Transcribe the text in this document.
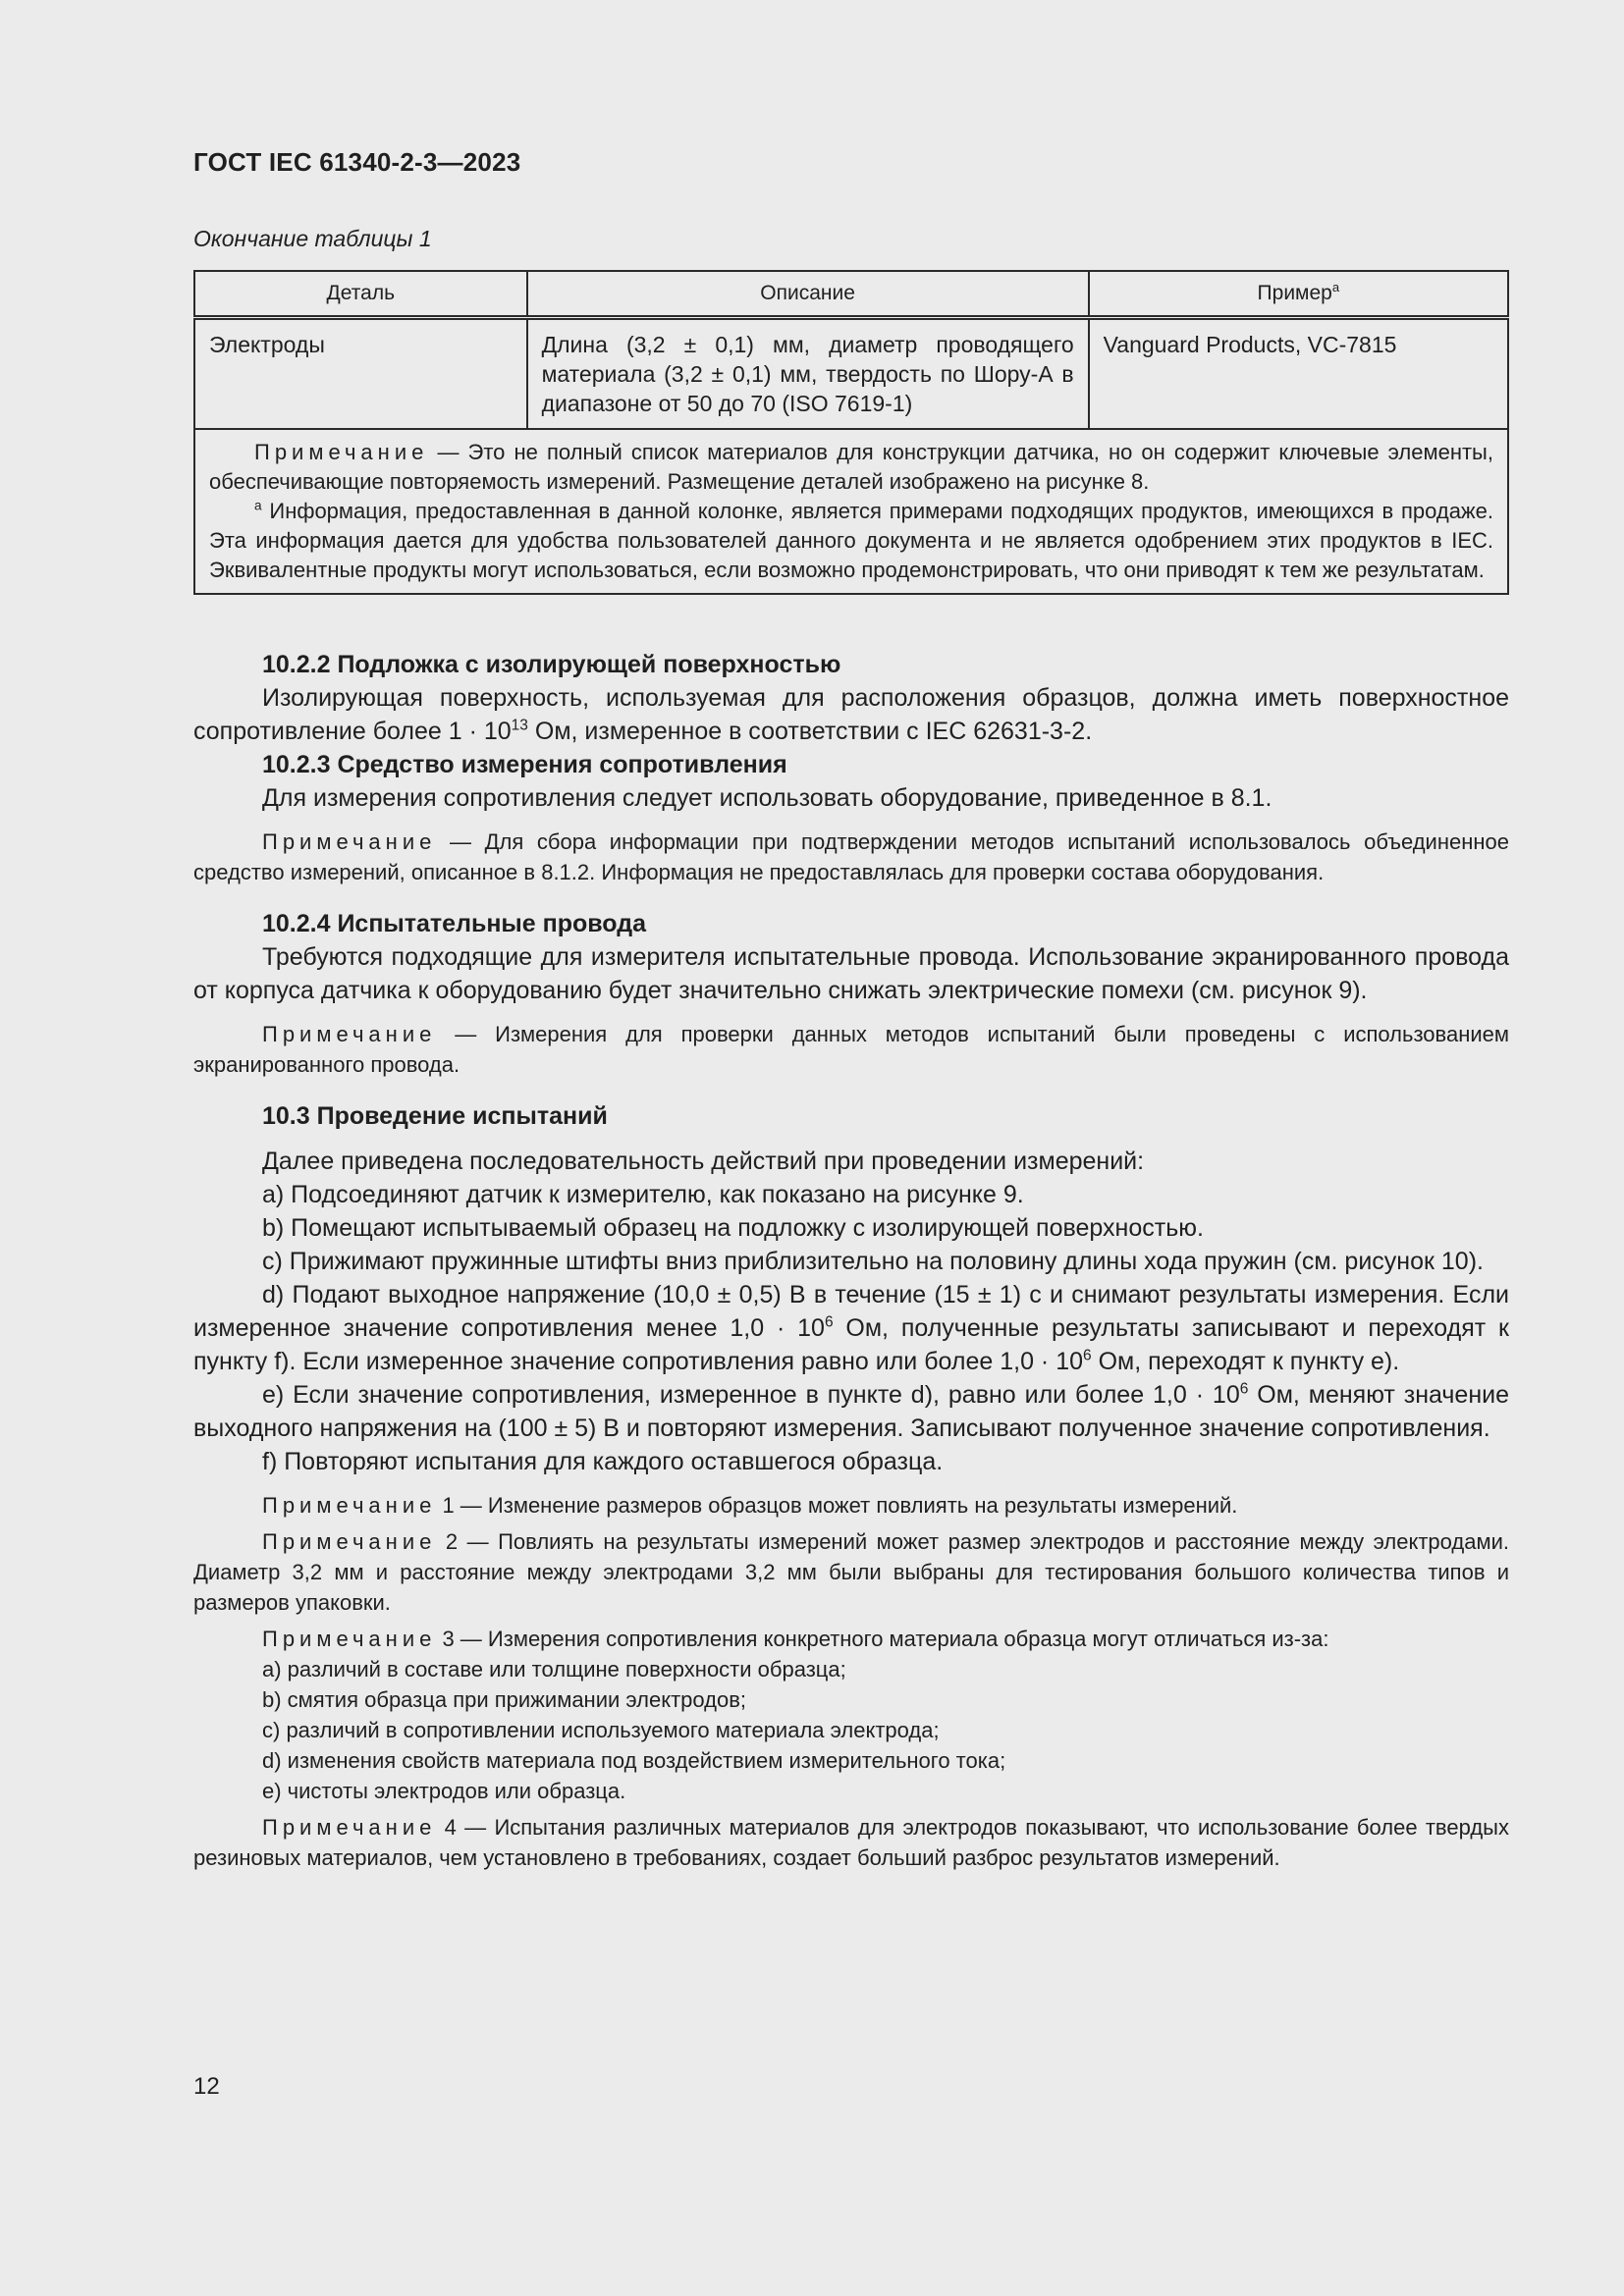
ГОСТ IEC 61340-2-3—2023
Окончание таблицы 1
Деталь	Описание	Пример$^a$
Электроды	Длина (3,2 ± 0,1) мм, диаметр проводящего материала (3,2 ± 0,1) мм, твердость по Шору-А в диапазоне от 50 до 70 (ISO 7619-1)	Vanguard Products, VC-7815

Примечание — Это не полный список материалов для конструкции датчика, но он содержит ключевые элементы, обеспечивающие повторяемость измерений. Размещение деталей изображено на рисунке 8.

$^a$ Информация, предоставленная в данной колонке, является примерами подходящих продуктов, имеющихся в продаже. Эта информация дается для удобства пользователей данного документа и не является одобрением этих продуктов в IEC. Эквивалентные продукты могут использоваться, если возможно продемонстрировать, что они приводят к тем же результатам.		

10.2.2 Подложка с изолирующей поверхностью

Изолирующая поверхность, используемая для расположения образцов, должна иметь поверхностное сопротивление более $1 \cdot 10^{13}$ Ом, измеренное в соответствии с IEC 62631-3-2.

10.2.3 Средство измерения сопротивления

Для измерения сопротивления следует использовать оборудование, приведенное в 8.1.

Примечание — Для сбора информации при подтверждении методов испытаний использовалось объединенное средство измерений, описанное в 8.1.2. Информация не предоставлялась для проверки состава оборудования.

10.2.4 Испытательные провода

Требуются подходящие для измерителя испытательные провода. Использование экранированного провода от корпуса датчика к оборудованию будет значительно снижать электрические помехи (см. рисунок 9).

Примечание — Измерения для проверки данных методов испытаний были проведены с использованием экранированного провода.

10.3 Проведение испытаний

Далее приведена последовательность действий при проведении измерений:

a) Подсоединяют датчик к измерителю, как показано на рисунке 9.

b) Помещают испытываемый образец на подложку с изолирующей поверхностью.

c) Прижимают пружинные штифты вниз приблизительно на половину длины хода пружин (см. рисунок 10).

d) Подают выходное напряжение (10,0 ± 0,5) В в течение (15 ± 1) с и снимают результаты измерения. Если измеренное значение сопротивления менее $1,0 \cdot 10^6$ Ом, полученные результаты записывают и переходят к пункту f). Если измеренное значение сопротивления равно или более $1,0 \cdot 10^6$ Ом, переходят к пункту е).

e) Если значение сопротивления, измеренное в пункте d), равно или более $1,0 \cdot 10^6$ Ом, меняют значение выходного напряжения на (100 ± 5) В и повторяют измерения. Записывают полученное значение сопротивления.

f) Повторяют испытания для каждого оставшегося образца.

Примечание 1 — Изменение размеров образцов может повлиять на результаты измерений.

Примечание 2 — Повлиять на результаты измерений может размер электродов и расстояние между электродами. Диаметр 3,2 мм и расстояние между электродами 3,2 мм были выбраны для тестирования большого количества типов и размеров упаковки.

Примечание 3 — Измерения сопротивления конкретного материала образца могут отличаться из-за:

a) различий в составе или толщине поверхности образца;

b) смятия образца при прижимании электродов;

c) различий в сопротивлении используемого материала электрода;

d) изменения свойств материала под воздействием измерительного тока;

e) чистоты электродов или образца.

Примечание 4 — Испытания различных материалов для электродов показывают, что использование более твердых резиновых материалов, чем установлено в требованиях, создает больший разброс результатов измерений.

12
